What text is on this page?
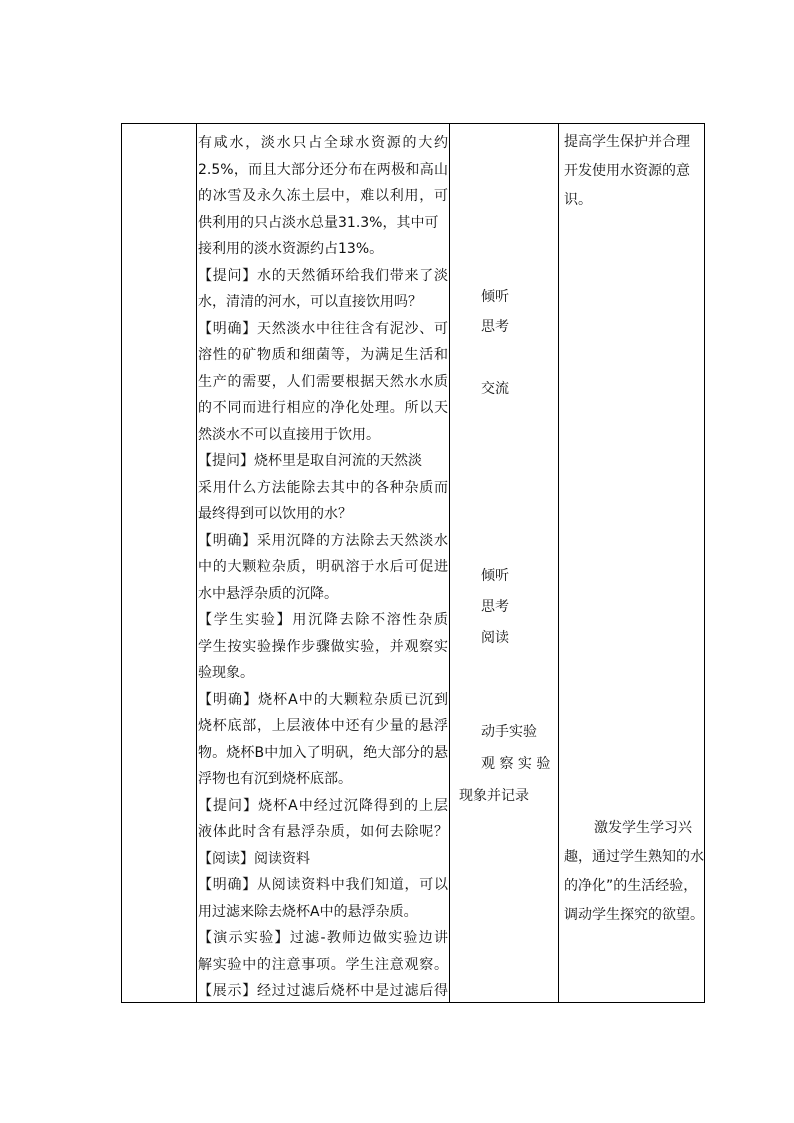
有咸水，淡水只占全球水资源的大约
2.5%，而且大部分还分布在两极和高山
的冰雪及永久冻土层中，难以利用，可
供利用的只占淡水总量31.3%，其中可
接利用的淡水资源约占13%。
【提问】水的天然循环给我们带来了淡
水，清清的河水，可以直接饮用吗？
【明确】天然淡水中往往含有泥沙、可
溶性的矿物质和细菌等，为满足生活和
生产的需要，人们需要根据天然水水质
的不同而进行相应的净化处理。所以天
然淡水不可以直接用于饮用。
【提问】烧杯里是取自河流的天然淡
采用什么方法能除去其中的各种杂质而
最终得到可以饮用的水？
【明确】采用沉降的方法除去天然淡水
中的大颗粒杂质，明矾溶于水后可促进
水中悬浮杂质的沉降。
【学生实验】用沉降去除不溶性杂质
学生按实验操作步骤做实验，并观察实
验现象。
【明确】烧杯A中的大颗粒杂质已沉到
烧杯底部，上层液体中还有少量的悬浮
物。烧杯B中加入了明矾，绝大部分的悬
浮物也有沉到烧杯底部。
【提问】烧杯A中经过沉降得到的上层
液体此时含有悬浮杂质，如何去除呢？
【阅读】阅读资料
【明确】从阅读资料中我们知道，可以
用过滤来除去烧杯A中的悬浮杂质。
【演示实验】过滤-教师边做实验边讲
解实验中的注意事项。学生注意观察。
【展示】经过过滤后烧杯中是过滤后得
倾听
思考
交流
倾听
思考
阅读
动手实验
观 察 实 验
现象并记录
提高学生保护并合理
开发使用水资源的意
识。
激发学生学习兴
趣，通过学生熟知的水
的净化”的生活经验，
调动学生探究的欲望。
